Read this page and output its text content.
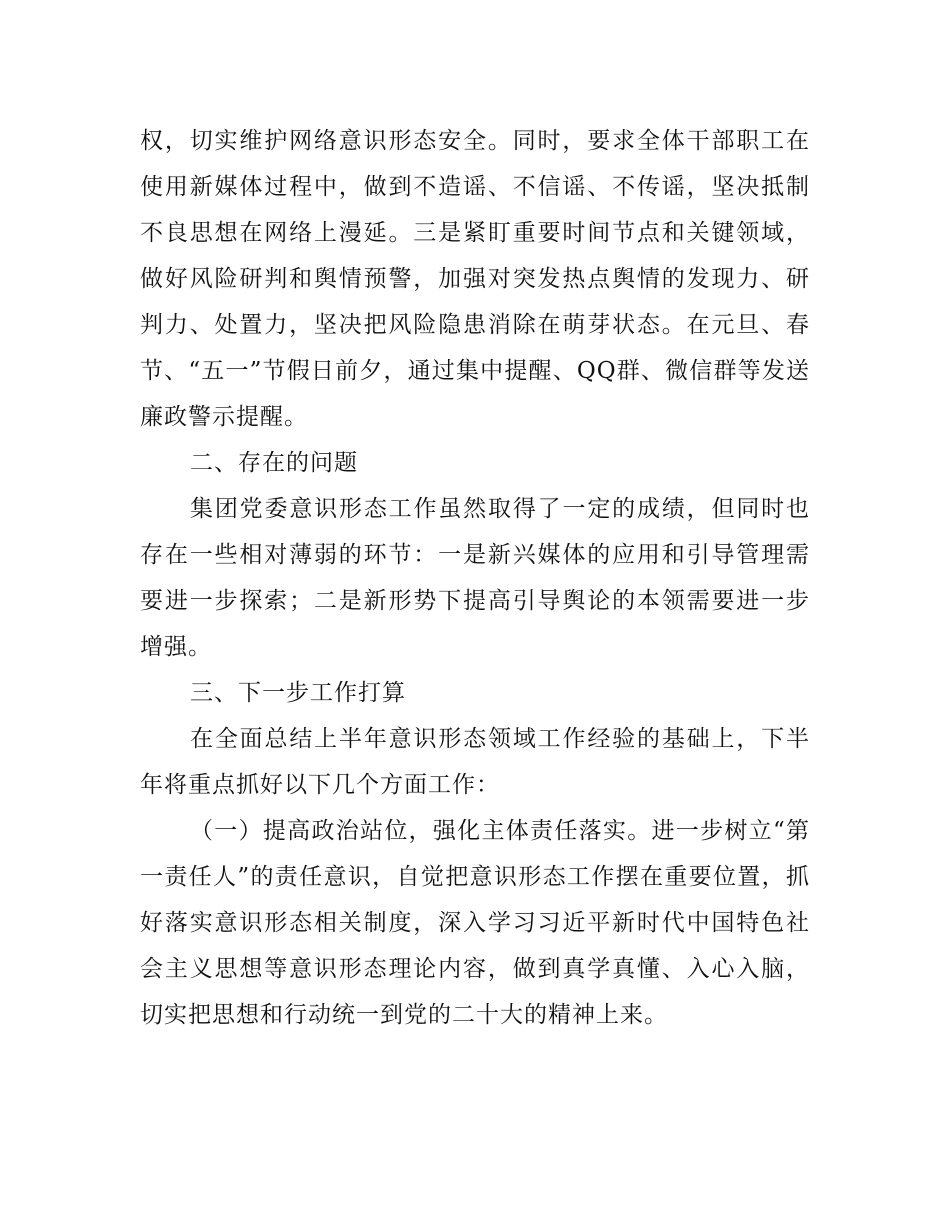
权，切实维护网络意识形态安全。同时，要求全体干部职工在使用新媒体过程中，做到不造谣、不信谣、不传谣，坚决抵制不良思想在网络上漫延。三是紧盯重要时间节点和关键领域，做好风险研判和舆情预警，加强对突发热点舆情的发现力、研判力、处置力，坚决把风险隐患消除在萌芽状态。在元旦、春节、“五一”节假日前夕，通过集中提醒、QQ群、微信群等发送廉政警示提醒。

二、存在的问题

集团党委意识形态工作虽然取得了一定的成绩，但同时也存在一些相对薄弱的环节：一是新兴媒体的应用和引导管理需要进一步探索；二是新形势下提高引导舆论的本领需要进一步增强。

三、下一步工作打算

在全面总结上半年意识形态领域工作经验的基础上，下半年将重点抓好以下几个方面工作：

（一）提高政治站位，强化主体责任落实。进一步树立“第一责任人”的责任意识，自觉把意识形态工作摆在重要位置，抓好落实意识形态相关制度，深入学习习近平新时代中国特色社会主义思想等意识形态理论内容，做到真学真懂、入心入脑，切实把思想和行动统一到党的二十大的精神上来。
